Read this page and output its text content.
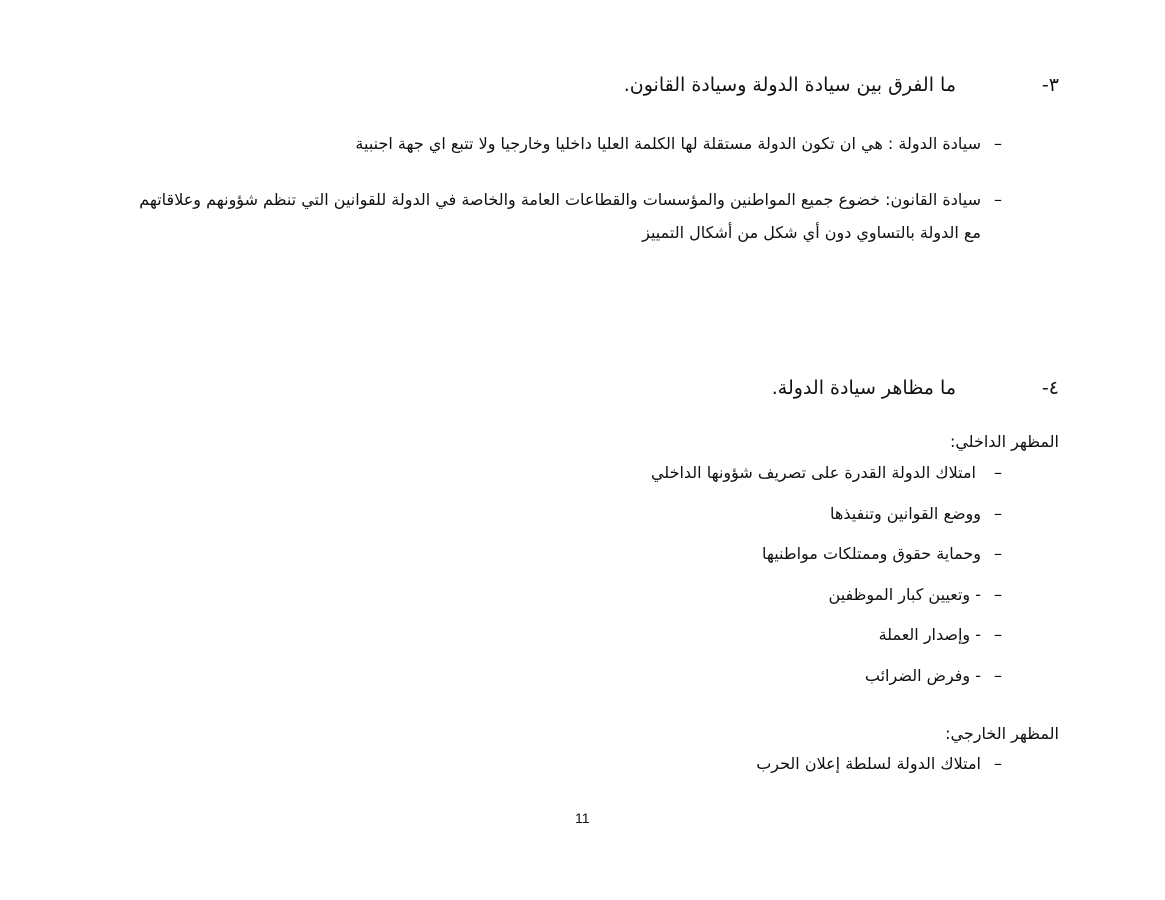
٣-
ما الفرق بين سيادة الدولة وسيادة القانون.
–
سيادة الدولة : هي ان تكون الدولة مستقلة لها الكلمة العليا داخليا وخارجيا ولا تتبع اي جهة اجنبية
–
سيادة القانون: خضوع جميع المواطنين والمؤسسات والقطاعات العامة والخاصة في الدولة للقوانين التي تنظم شؤونهم وعلاقاتهم مع الدولة بالتساوي دون أي شكل من أشكال التمييز
٤-
ما مظاهر سيادة الدولة.
المظهر الداخلي:
–
امتلاك الدولة القدرة على تصريف شؤونها الداخلي
–
ووضع القوانين وتنفيذها
–
وحماية حقوق وممتلكات مواطنيها
–
- وتعيين كبار الموظفين
–
- وإصدار العملة
–
- وفرض الضرائب
المظهر الخارجي:
–
امتلاك الدولة لسلطة إعلان الحرب
11
